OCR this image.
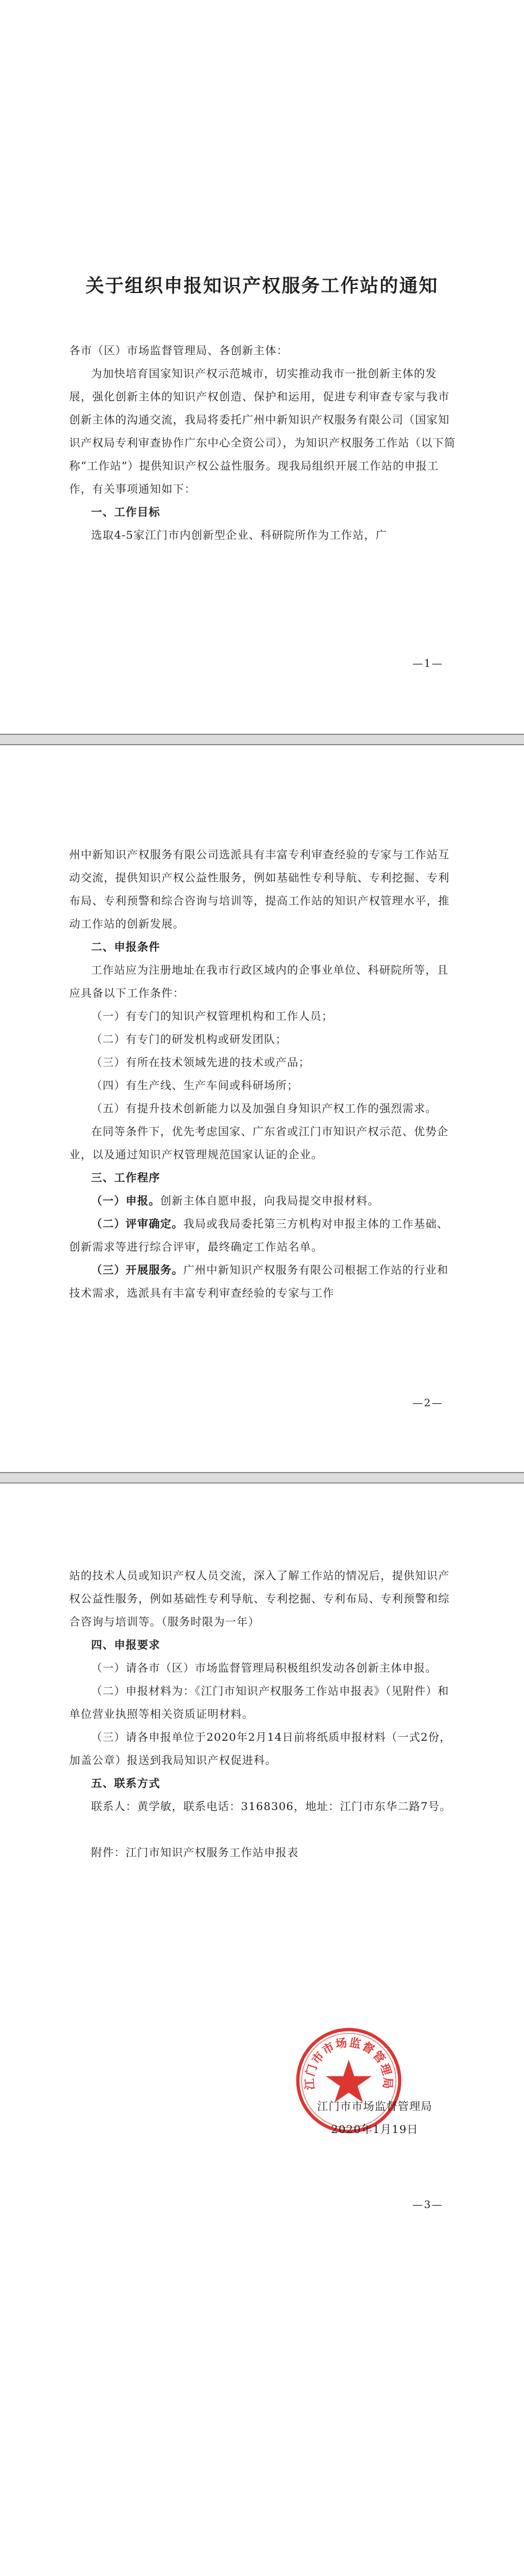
关于组织申报知识产权服务工作站的通知

各市（区）市场监督管理局、各创新主体：

为加快培育国家知识产权示范城市，切实推动我市一批创新主体的发展，强化创新主体的知识产权创造、保护和运用，促进专利审查专家与我市创新主体的沟通交流，我局将委托广州中新知识产权服务有限公司（国家知识产权局专利审查协作广东中心全资公司），为知识产权服务工作站（以下简称“工作站”）提供知识产权公益性服务。现我局组织开展工作站的申报工作，有关事项通知如下：

一、工作目标

选取4-5家江门市内创新型企业、科研院所作为工作站，广

—1—

州中新知识产权服务有限公司选派具有丰富专利审查经验的专家与工作站互动交流，提供知识产权公益性服务，例如基础性专利导航、专利挖掘、专利布局、专利预警和综合咨询与培训等，提高工作站的知识产权管理水平，推动工作站的创新发展。

二、申报条件

工作站应为注册地址在我市行政区域内的企事业单位、科研院所等，且应具备以下工作条件：

（一）有专门的知识产权管理机构和工作人员；

（二）有专门的研发机构或研发团队；

（三）有所在技术领域先进的技术或产品；

（四）有生产线、生产车间或科研场所；

（五）有提升技术创新能力以及加强自身知识产权工作的强烈需求。

在同等条件下，优先考虑国家、广东省或江门市知识产权示范、优势企业，以及通过知识产权管理规范国家认证的企业。

三、工作程序

（一）申报。创新主体自愿申报，向我局提交申报材料。

（二）评审确定。我局或我局委托第三方机构对申报主体的工作基础、创新需求等进行综合评审，最终确定工作站名单。

（三）开展服务。广州中新知识产权服务有限公司根据工作站的行业和技术需求，选派具有丰富专利审查经验的专家与工作

—2—

站的技术人员或知识产权人员交流，深入了解工作站的情况后，提供知识产权公益性服务，例如基础性专利导航、专利挖掘、专利布局、专利预警和综合咨询与培训等。（服务时限为一年）

四、申报要求

（一）请各市（区）市场监督管理局积极组织发动各创新主体申报。

（二）申报材料为：《江门市知识产权服务工作站申报表》（见附件）和单位营业执照等相关资质证明材料。

（三）请各申报单位于2020年2月14日前将纸质申报材料（一式2份，加盖公章）报送到我局知识产权促进科。

五、联系方式

联系人：黄学敏，联系电话：3168306，地址：江门市东华二路7号。

附件：江门市知识产权服务工作站申报表

江门市市场监督管理局

江门市市场监督管理局

2020年1月19日

—3—
